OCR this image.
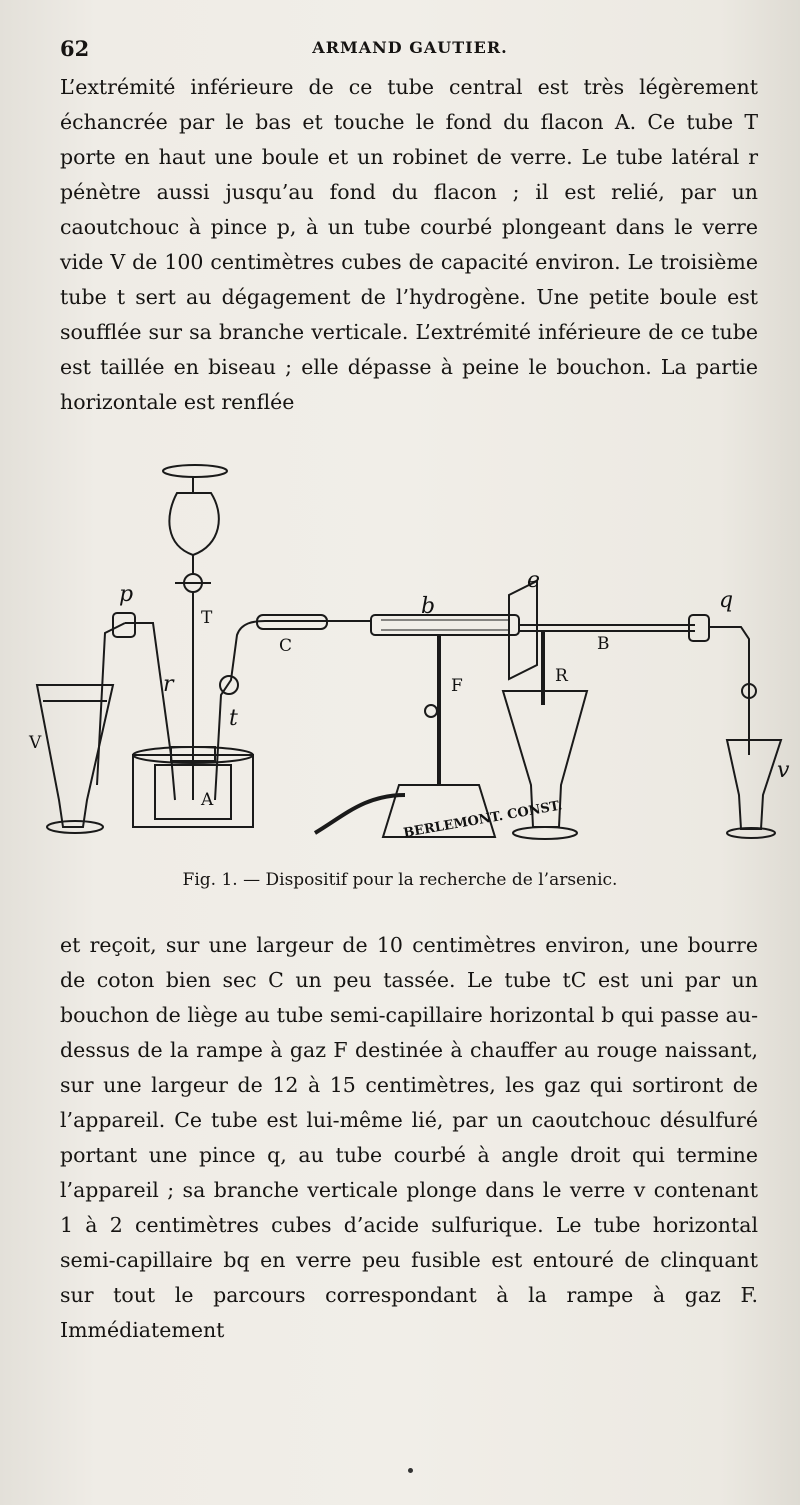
62	ARMAND GAUTIER.

L’extrémité inférieure de ce tube central est très légèrement échancrée par le bas et touche le fond du flacon A. Ce tube T porte en haut une boule et un robinet de verre. Le tube latéral r pénètre aussi jusqu’au fond du flacon ; il est relié, par un caoutchouc à pince p, à un tube courbé plongeant dans le verre vide V de 100 centimètres cubes de capacité environ. Le troisième tube t sert au dégagement de l’hydrogène. Une petite boule est soufflée sur sa branche verticale. L’extrémité inférieure de ce tube est taillée en biseau ; elle dépasse à peine le bouchon. La partie horizontale est renflée

p	q
e
b
T
C	B
r
t
R
F
A
V
v
BERLEMONT. CONST.
Fig. 1. — Dispositif pour la recherche de l’arsenic.

et reçoit, sur une largeur de 10 centimètres environ, une bourre de coton bien sec C un peu tassée. Le tube tC est uni par un bouchon de liège au tube semi-capillaire horizontal b qui passe au-dessus de la rampe à gaz F destinée à chauffer au rouge naissant, sur une largeur de 12 à 15 centimètres, les gaz qui sortiront de l’appareil. Ce tube est lui-même lié, par un caoutchouc désulfuré portant une pince q, au tube courbé à angle droit qui termine l’appareil ; sa branche verticale plonge dans le verre v contenant 1 à 2 centimètres cubes d’acide sulfurique. Le tube horizontal semi-capillaire bq en verre peu fusible est entouré de clinquant sur tout le parcours correspondant à la rampe à gaz F. Immédiatement
